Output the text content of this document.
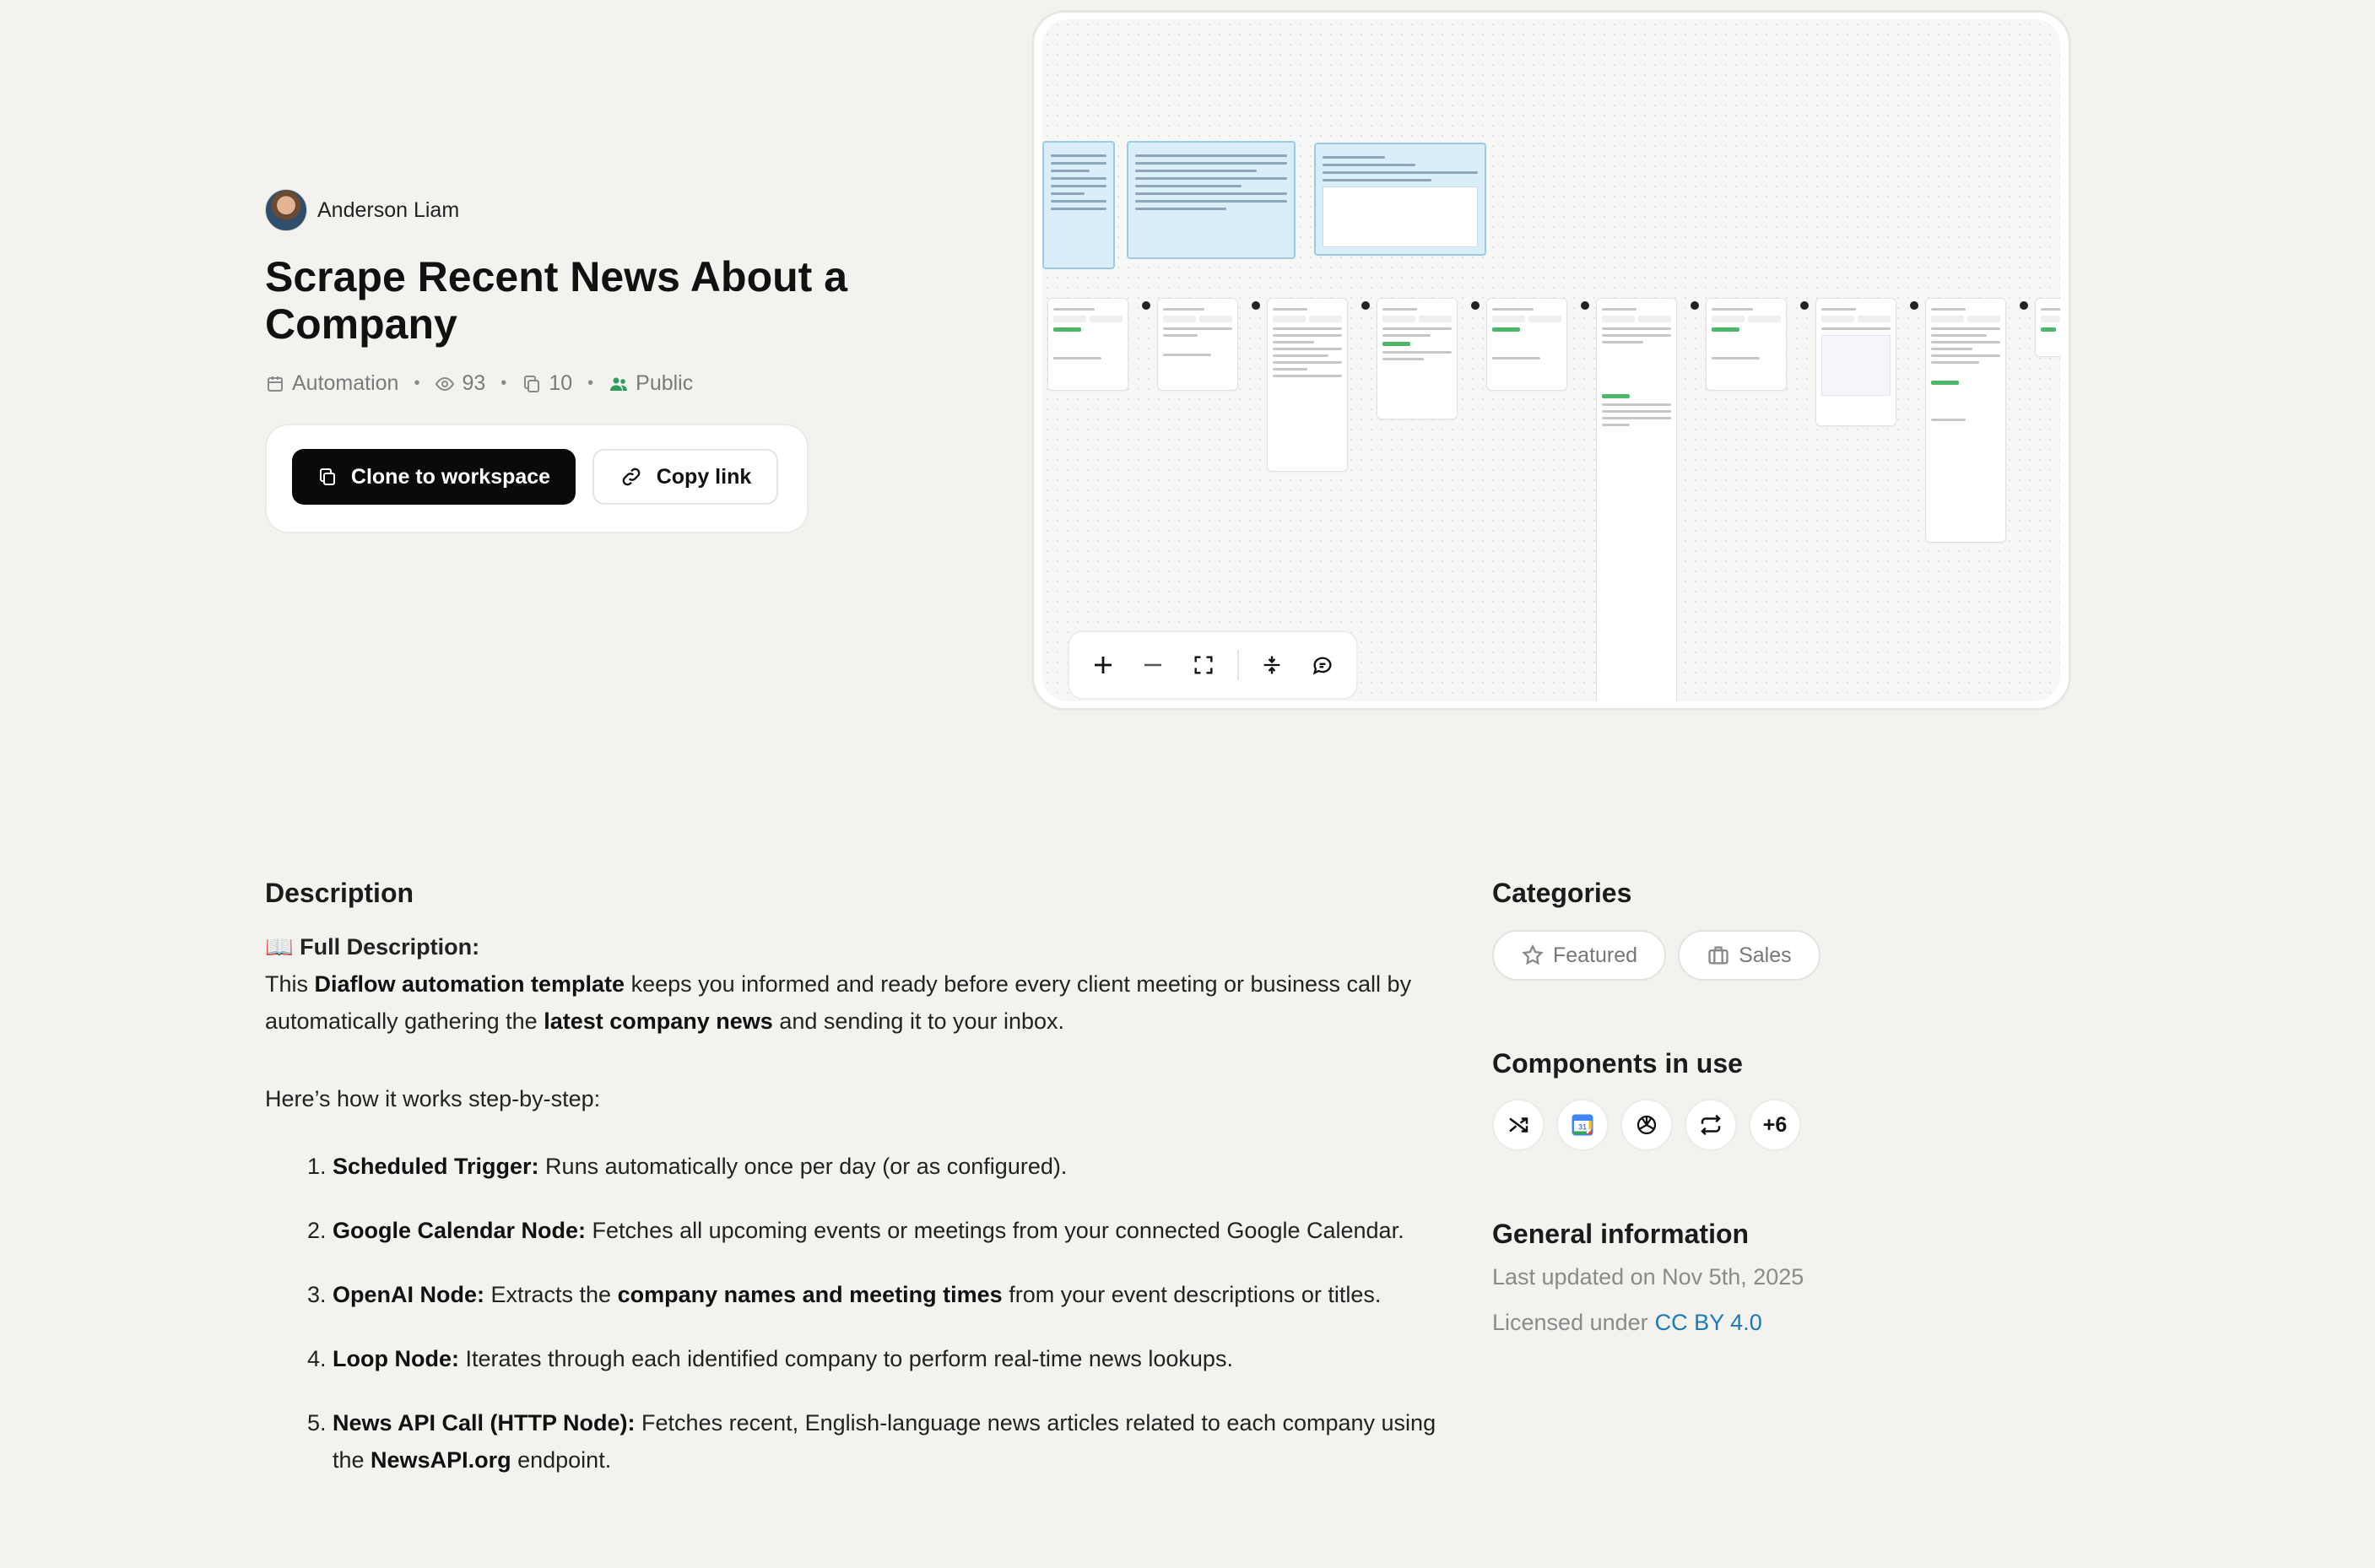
Anderson Liam
Scrape Recent News About a Company
Automation • 93 • 10 • Public
Clone to workspace	Copy link
Description

📖 Full Description:

This Diaflow automation template keeps you informed and ready before every client meeting or business call by automatically gathering the latest company news and sending it to your inbox.

Here’s how it works step-by-step:

1. Scheduled Trigger: Runs automatically once per day (or as configured).
2. Google Calendar Node: Fetches all upcoming events or meetings from your connected Google Calendar.
3. OpenAI Node: Extracts the company names and meeting times from your event descriptions or titles.
4. Loop Node: Iterates through each identified company to perform real-time news lookups.
5. News API Call (HTTP Node): Fetches recent, English-language news articles related to each company using the NewsAPI.org endpoint.
Categories
Featured	Sales
Components in use
31	+6
General information
Last updated on Nov 5th, 2025
Licensed under CC BY 4.0
